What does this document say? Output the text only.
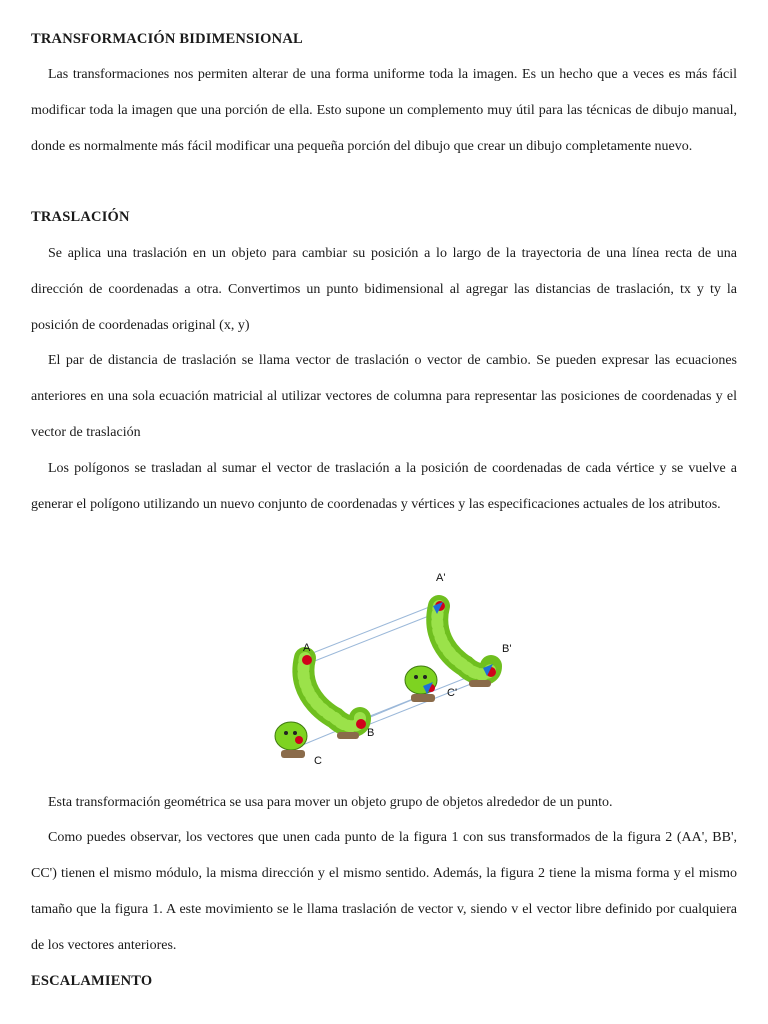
TRANSFORMACIÓN BIDIMENSIONAL
Las transformaciones nos permiten alterar de una forma uniforme toda la imagen. Es un hecho que a veces es más fácil modificar toda la imagen que una porción de ella. Esto supone un complemento muy útil para las técnicas de dibujo manual, donde es normalmente más fácil modificar una pequeña porción del dibujo que crear un dibujo completamente nuevo.
TRASLACIÓN
Se aplica una traslación en un objeto para cambiar su posición a lo largo de la trayectoria de una línea recta de una dirección de coordenadas a otra. Convertimos un punto bidimensional al agregar las distancias de traslación, tx y ty la posición de coordenadas original (x, y)
El par de distancia de traslación se llama vector de traslación o vector de cambio. Se pueden expresar las ecuaciones anteriores en una sola ecuación matricial al utilizar vectores de columna para representar las posiciones de coordenadas y el vector de traslación
Los polígonos se trasladan al sumar el vector de traslación a la posición de coordenadas de cada vértice y se vuelve a generar el polígono utilizando un nuevo conjunto de coordenadas y vértices y las especificaciones actuales de los atributos.
A
B
C
A'
B'
C'
Esta transformación geométrica se usa para mover un objeto grupo de objetos alrededor de un punto.
Como puedes observar, los vectores que unen cada punto de la figura 1 con sus transformados de la figura 2 (AA', BB', CC') tienen el mismo módulo, la misma dirección y el mismo sentido. Además, la figura 2 tiene la misma forma y el mismo tamaño que la figura 1. A este movimiento se le llama traslación de vector v, siendo v el vector libre definido por cualquiera de los vectores anteriores.
ESCALAMIENTO
